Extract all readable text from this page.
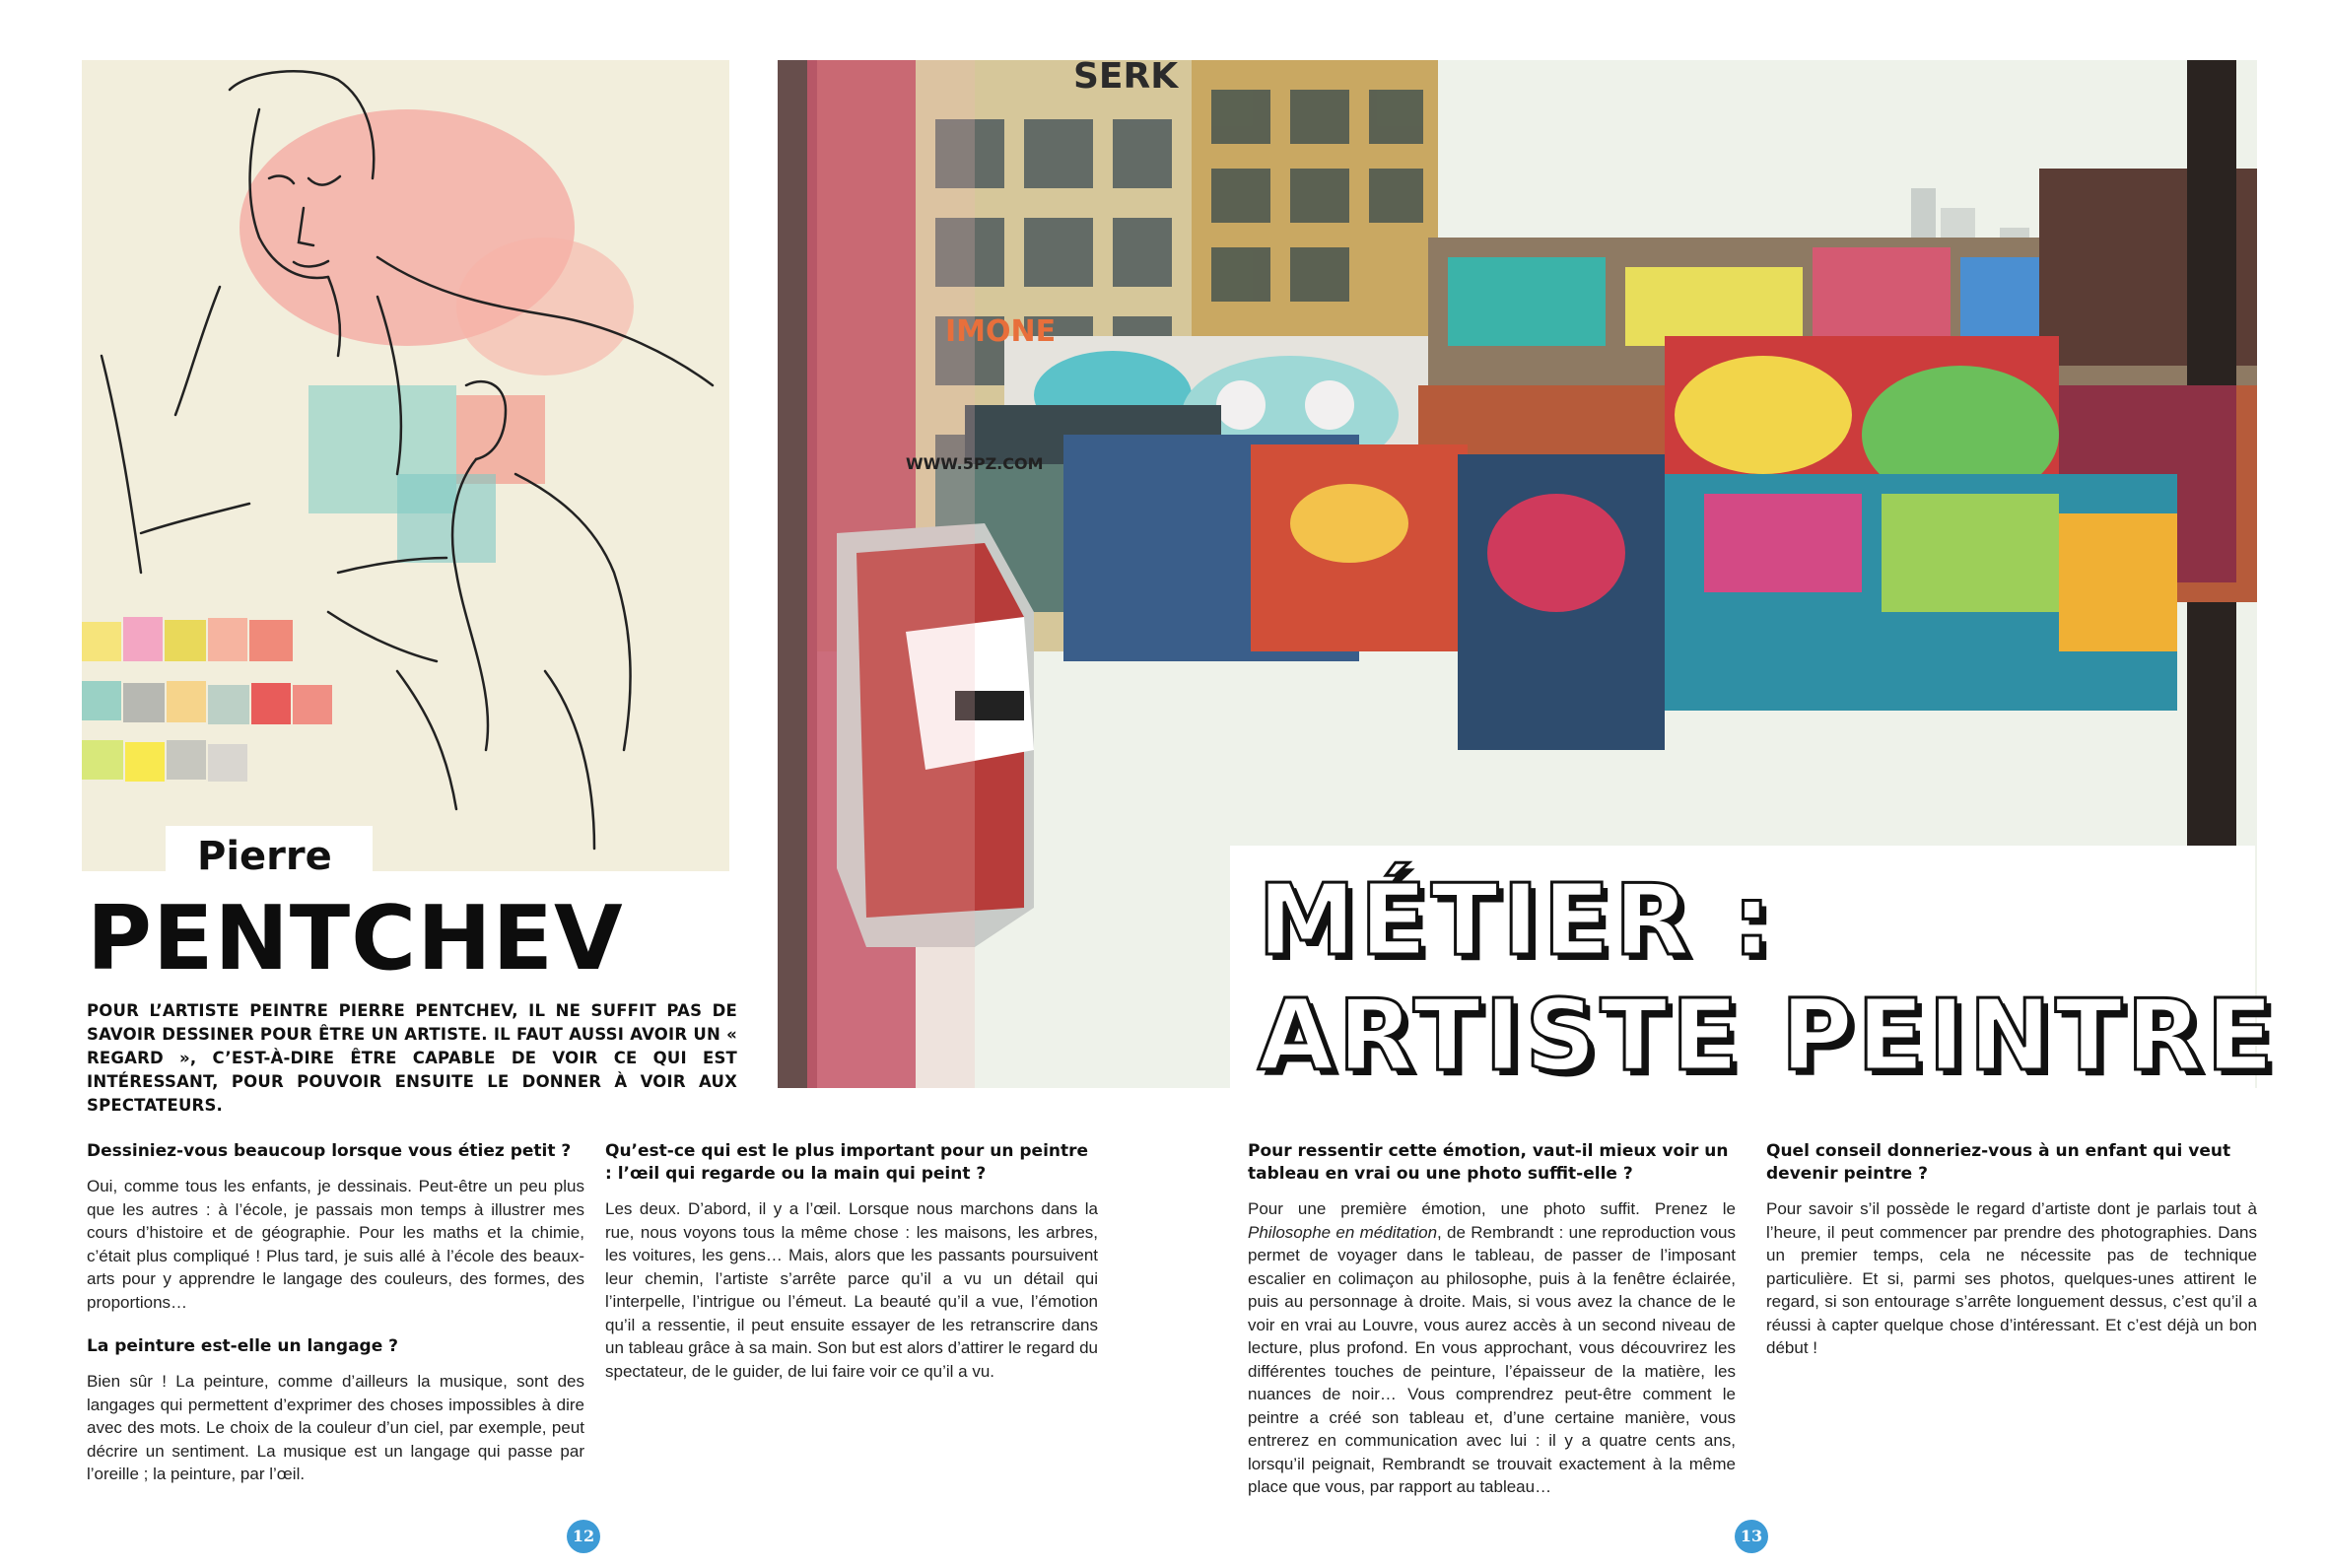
Pierre
PENTCHEV

POUR L’ARTISTE PEINTRE PIERRE PENTCHEV, IL NE SUFFIT PAS DE SAVOIR DESSINER POUR ÊTRE UN ARTISTE. IL FAUT AUSSI AVOIR UN « REGARD », C’EST-À-DIRE ÊTRE CAPABLE DE VOIR CE QUI EST INTÉRESSANT, POUR POUVOIR ENSUITE LE DONNER À VOIR AUX SPECTATEURS.

SERK
IMONE
WWW.5PZ.COM
MÉTIER :
ARTISTE PEINTRE

Dessiniez-vous beaucoup lorsque vous étiez petit ?

Oui, comme tous les enfants, je dessinais. Peut-être un peu plus que les autres : à l’école, je passais mon temps à illustrer mes cours d’histoire et de géographie. Pour les maths et la chimie, c’était plus compliqué ! Plus tard, je suis allé à l’école des beaux-arts pour y apprendre le langage des couleurs, des formes, des proportions…

La peinture est-elle un langage ?

Bien sûr ! La peinture, comme d’ailleurs la musique, sont des langages qui permettent d’exprimer des choses impossibles à dire avec des mots. Le choix de la couleur d’un ciel, par exemple, peut décrire un sentiment. La musique est un langage qui passe par l’oreille ; la peinture, par l’œil.

Qu’est-ce qui est le plus important pour un peintre : l’œil qui regarde ou la main qui peint ?

Les deux. D’abord, il y a l’œil. Lorsque nous marchons dans la rue, nous voyons tous la même chose : les maisons, les arbres, les voitures, les gens… Mais, alors que les passants poursuivent leur chemin, l’artiste s’arrête parce qu’il a vu un détail qui l’interpelle, l’intrigue ou l’émeut. La beauté qu’il a vue, l’émotion qu’il a ressentie, il peut ensuite essayer de les retranscrire dans un tableau grâce à sa main. Son but est alors d’attirer le regard du spectateur, de le guider, de lui faire voir ce qu’il a vu.

Pour ressentir cette émotion, vaut-il mieux voir un tableau en vrai ou une photo suffit-elle ?

Pour une première émotion, une photo suffit. Prenez le Philosophe en méditation, de Rembrandt : une reproduction vous permet de voyager dans le tableau, de passer de l’imposant escalier en colimaçon au philosophe, puis à la fenêtre éclairée, puis au personnage à droite. Mais, si vous avez la chance de le voir en vrai au Louvre, vous aurez accès à un second niveau de lecture, plus profond. En vous approchant, vous découvrirez les différentes touches de peinture, l’épaisseur de la matière, les nuances de noir… Vous comprendrez peut-être comment le peintre a créé son tableau et, d’une certaine manière, vous entrerez en communication avec lui : il y a quatre cents ans, lorsqu’il peignait, Rembrandt se trouvait exactement à la même place que vous, par rapport au tableau…

Quel conseil donneriez-vous à un enfant qui veut devenir peintre ?

Pour savoir s’il possède le regard d’artiste dont je parlais tout à l’heure, il peut commencer par prendre des photographies. Dans un premier temps, cela ne nécessite pas de technique particulière. Et si, parmi ses photos, quelques-unes attirent le regard, si son entourage s’arrête longuement dessus, c’est qu’il a réussi à capter quelque chose d’intéressant. Et c’est déjà un bon début !

12	13
